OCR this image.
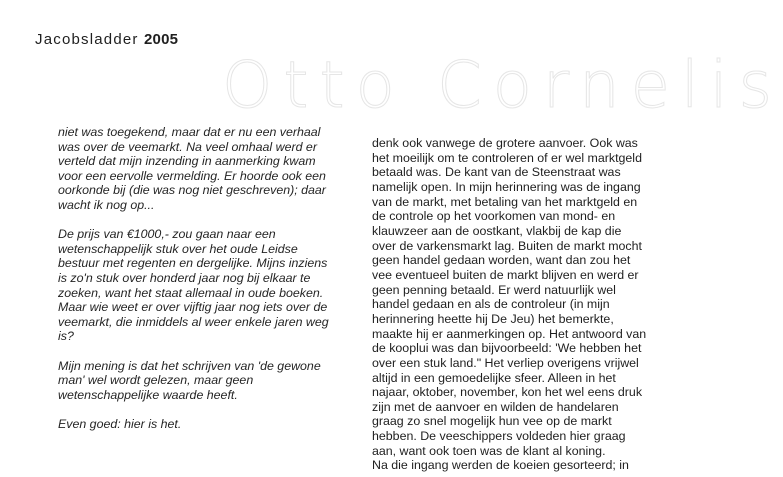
Jacobsladder 2005
Otto Cornelis

niet was toegekend, maar dat er nu een verhaal
was over de veemarkt. Na veel omhaal werd er
verteld dat mijn inzending in aanmerking kwam
voor een eervolle vermelding. Er hoorde ook een
oorkonde bij (die was nog niet geschreven); daar
wacht ik nog op...

De prijs van €1000,- zou gaan naar een
wetenschappelijk stuk over het oude Leidse
bestuur met regenten en dergelijke. Mijns inziens
is zo'n stuk over honderd jaar nog bij elkaar te
zoeken, want het staat allemaal in oude boeken.
Maar wie weet er over vijftig jaar nog iets over de
veemarkt, die inmiddels al weer enkele jaren weg
is?

Mijn mening is dat het schrijven van 'de gewone
man' wel wordt gelezen, maar geen
wetenschappelijke waarde heeft.

Even goed: hier is het.

denk ook vanwege de grotere aanvoer. Ook was
het moeilijk om te controleren of er wel marktgeld
betaald was. De kant van de Steenstraat was
namelijk open. In mijn herinnering was de ingang
van de markt, met betaling van het marktgeld en
de controle op het voorkomen van mond- en
klauwzeer aan de oostkant, vlakbij de kap die
over de varkensmarkt lag. Buiten de markt mocht
geen handel gedaan worden, want dan zou het
vee eventueel buiten de markt blijven en werd er
geen penning betaald. Er werd natuurlijk wel
handel gedaan en als de controleur (in mijn
herinnering heette hij De Jeu) het bemerkte,
maakte hij er aanmerkingen op. Het antwoord van
de kooplui was dan bijvoorbeeld: 'We hebben het
over een stuk land." Het verliep overigens vrijwel
altijd in een gemoedelijke sfeer. Alleen in het
najaar, oktober, november, kon het wel eens druk
zijn met de aanvoer en wilden de handelaren
graag zo snel mogelijk hun vee op de markt
hebben. De veeschippers voldeden hier graag
aan, want ook toen was de klant al koning.
Na die ingang werden de koeien gesorteerd; in
